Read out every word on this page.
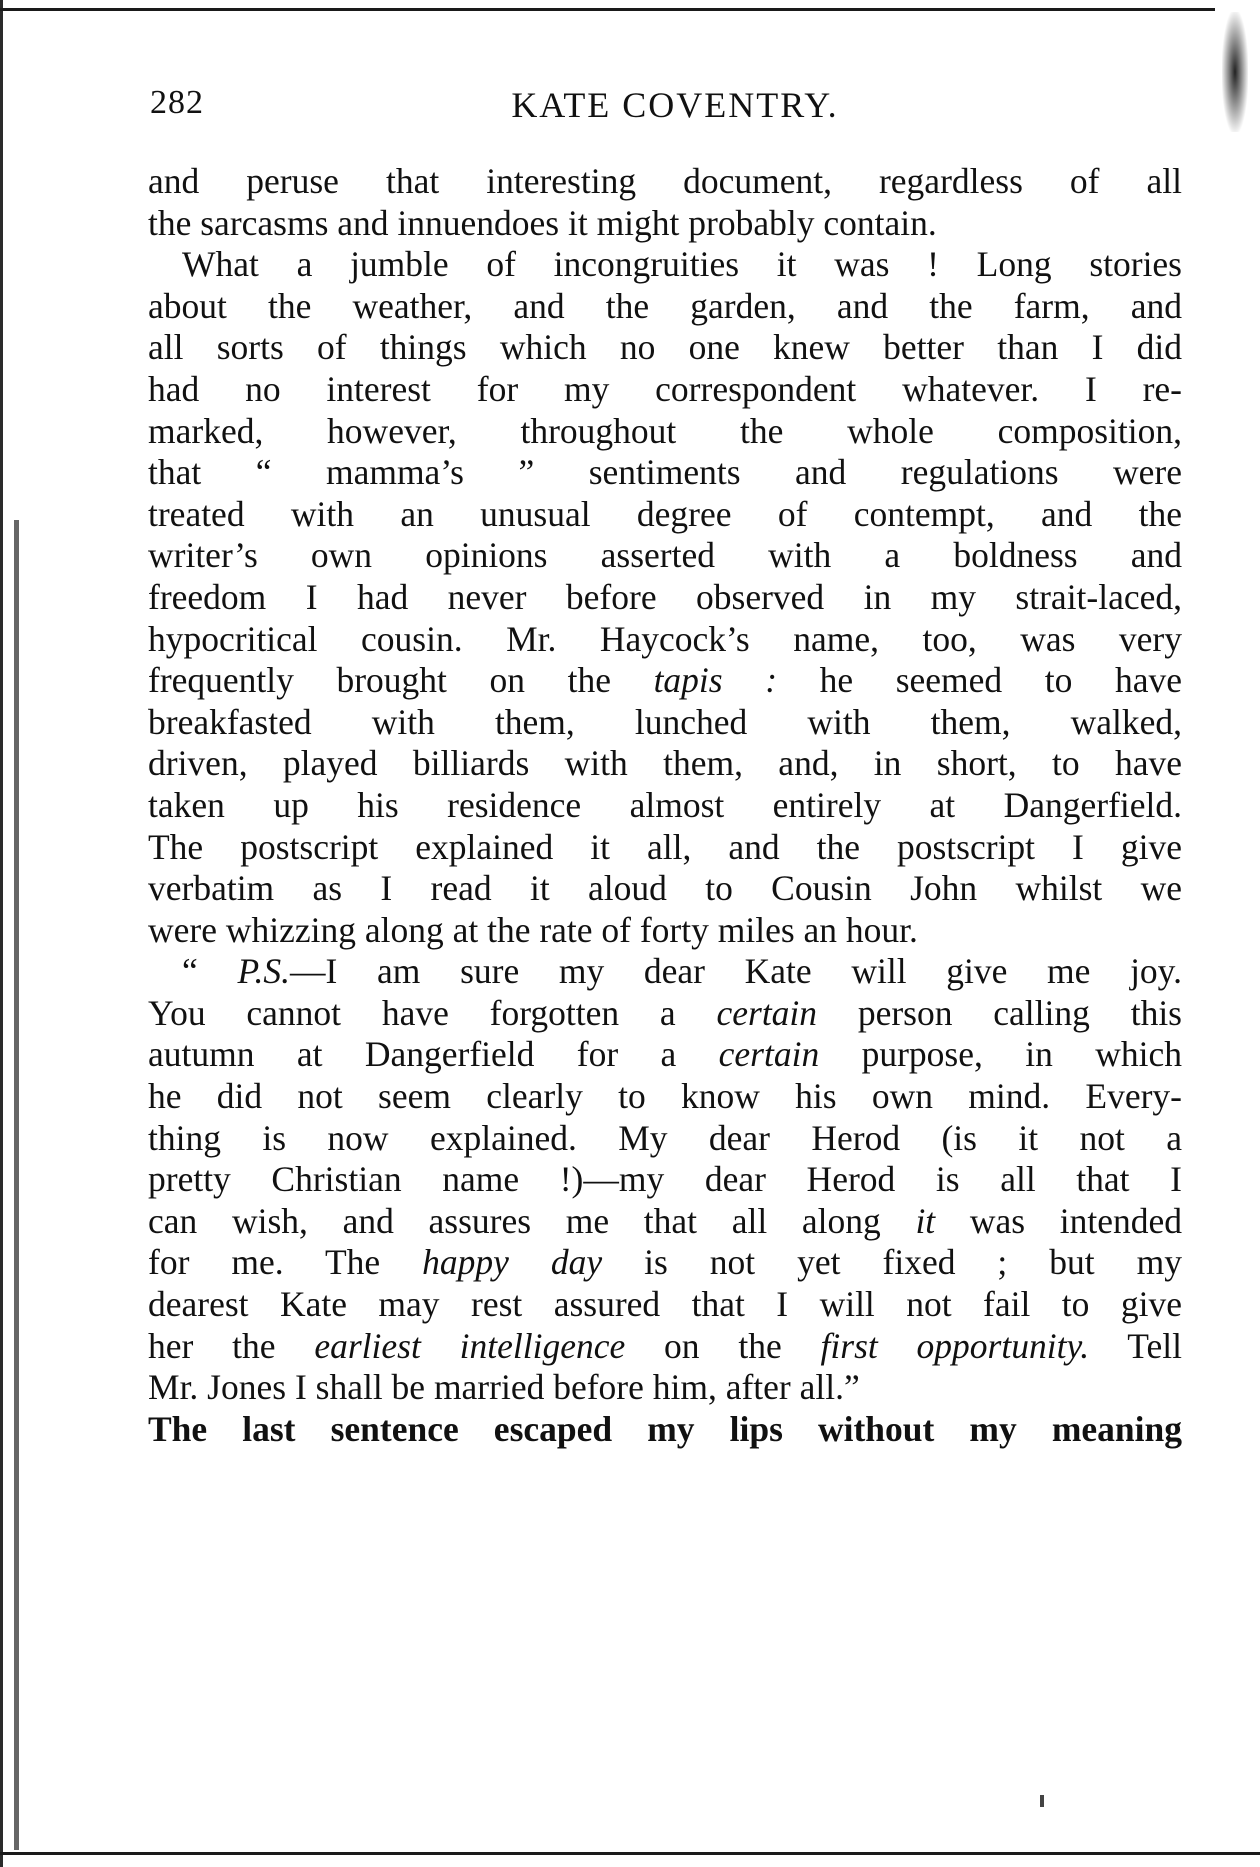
282	KATE COVENTRY.
and peruse that interesting document, regardless of all
the sarcasms and innuendoes it might probably contain.
What a jumble of incongruities it was ! Long stories
about the weather, and the garden, and the farm, and
all sorts of things which no one knew better than I did
had no interest for my correspondent whatever. I re-
marked, however, throughout the whole composition,
that “ mamma’s ” sentiments and regulations were
treated with an unusual degree of contempt, and the
writer’s own opinions asserted with a boldness and
freedom I had never before observed in my strait-laced,
hypocritical cousin. Mr. Haycock’s name, too, was very
frequently brought on the tapis : he seemed to have
breakfasted with them, lunched with them, walked,
driven, played billiards with them, and, in short, to have
taken up his residence almost entirely at Dangerfield.
The postscript explained it all, and the postscript I give
verbatim as I read it aloud to Cousin John whilst we
were whizzing along at the rate of forty miles an hour.
“ P.S.—I am sure my dear Kate will give me joy.
You cannot have forgotten a certain person calling this
autumn at Dangerfield for a certain purpose, in which
he did not seem clearly to know his own mind. Every-
thing is now explained. My dear Herod (is it not a
pretty Christian name !)—my dear Herod is all that I
can wish, and assures me that all along it was intended
for me. The happy day is not yet fixed ; but my
dearest Kate may rest assured that I will not fail to give
her the earliest intelligence on the first opportunity. Tell
Mr. Jones I shall be married before him, after all.”
The last sentence escaped my lips without my meaning
